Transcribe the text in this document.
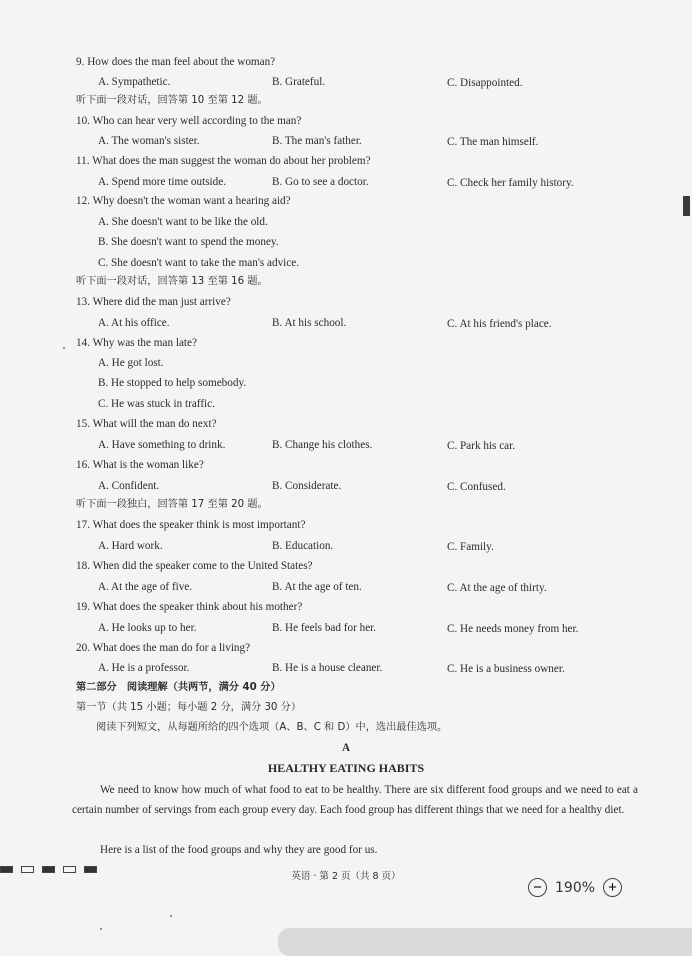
9. How does the man feel about the woman?
A. Sympathetic.	B. Grateful.	C. Disappointed.
听下面一段对话，回答第 10 至第 12 题。
10. Who can hear very well according to the man?
A. The woman's sister.	B. The man's father.	C. The man himself.
11. What does the man suggest the woman do about her problem?
A. Spend more time outside.	B. Go to see a doctor.	C. Check her family history.
12. Why doesn't the woman want a hearing aid?
A. She doesn't want to be like the old.
B. She doesn't want to spend the money.
C. She doesn't want to take the man's advice.
听下面一段对话，回答第 13 至第 16 题。
13. Where did the man just arrive?
A. At his office.	B. At his school.	C. At his friend's place.
14. Why was the man late?
A. He got lost.
B. He stopped to help somebody.
C. He was stuck in traffic.
15. What will the man do next?
A. Have something to drink.	B. Change his clothes.	C. Park his car.
16. What is the woman like?
A. Confident.	B. Considerate.	C. Confused.
听下面一段独白，回答第 17 至第 20 题。
17. What does the speaker think is most important?
A. Hard work.	B. Education.	C. Family.
18. When did the speaker come to the United States?
A. At the age of five.	B. At the age of ten.	C. At the age of thirty.
19. What does the speaker think about his mother?
A. He looks up to her.	B. He feels bad for her.	C. He needs money from her.
20. What does the man do for a living?
A. He is a professor.	B. He is a house cleaner.	C. He is a business owner.
第二部分　阅读理解（共两节，满分 40 分）
第一节（共 15 小题；每小题 2 分，满分 30 分）
阅读下列短文，从每题所给的四个选项（A、B、C 和 D）中，选出最佳选项。
A
HEALTHY EATING HABITS
We need to know how much of what food to eat to be healthy. There are six different food groups and we need to eat a certain number of servings from each group every day. Each food group has different things that we need for a healthy diet.
Here is a list of the food groups and why they are good for us.
英语 · 第 2 页（共 8 页）
− 190% +
